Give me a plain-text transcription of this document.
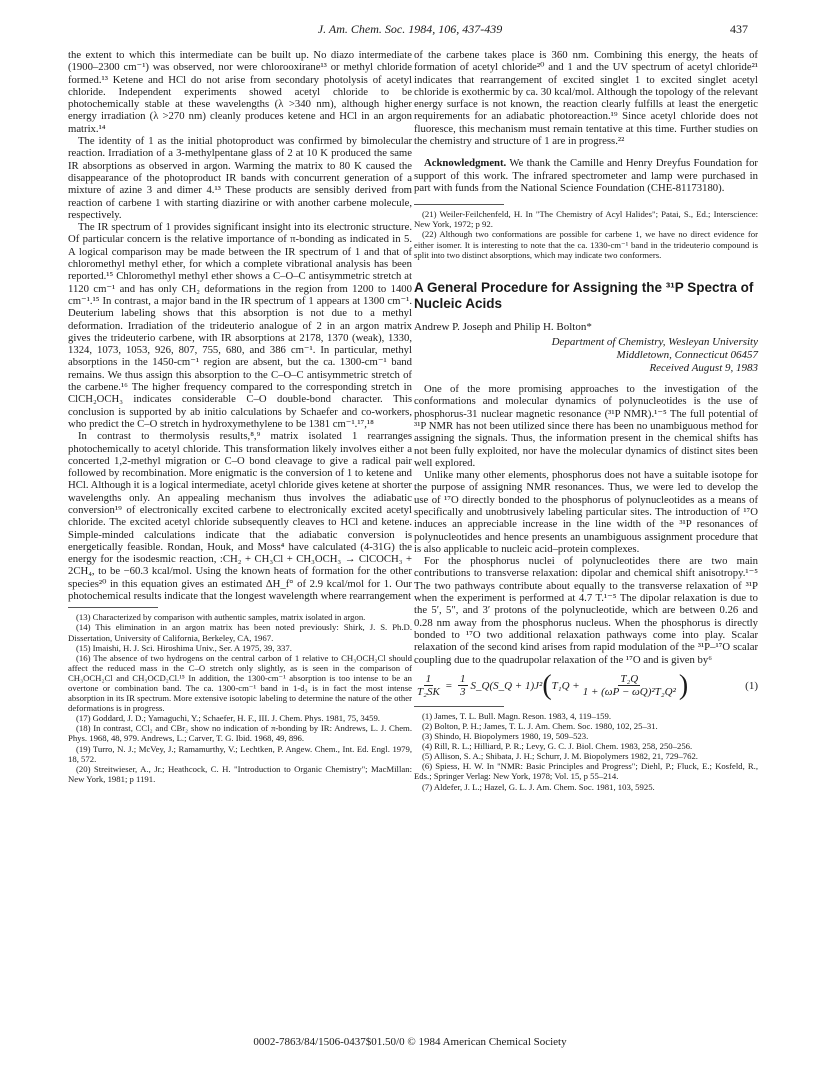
J. Am. Chem. Soc. 1984, 106, 437-439	437

the extent to which this intermediate can be built up. No diazo intermediate (1900–2300 cm⁻¹) was observed, nor were chlorooxirane¹³ or methyl chloride formed.¹³ Ketene and HCl do not arise from secondary photolysis of acetyl chloride. Independent experiments showed acetyl chloride to be photochemically stable at these wavelengths (λ >340 nm), although higher energy irradiation (λ >270 nm) cleanly produces ketene and HCl in an argon matrix.¹⁴

The identity of 1 as the initial photoproduct was confirmed by bimolecular reaction. Irradiation of a 3-methylpentane glass of 2 at 10 K produced the same IR absorptions as observed in argon. Warming the matrix to 80 K caused the disappearance of the photoproduct IR bands with concurrent generation of a mixture of azine 3 and dimer 4.¹³ These products are sensibly derived from reaction of carbene 1 with starting diazirine or with another carbene molecule, respectively.

The IR spectrum of 1 provides significant insight into its electronic structure. Of particular concern is the relative importance of π-bonding as indicated in 5. A logical comparison may be made between the IR spectrum of 1 and that of chloromethyl methyl ether, for which a complete vibrational analysis has been reported.¹⁵ Chloromethyl methyl ether shows a C–O–C antisymmetric stretch at 1120 cm⁻¹ and has only CH₂ deformations in the region from 1200 to 1400 cm⁻¹.¹⁵ In contrast, a major band in the IR spectrum of 1 appears at 1300 cm⁻¹. Deuterium labeling shows that this absorption is not due to a methyl deformation. Irradiation of the trideuterio analogue of 2 in an argon matrix gives the trideuterio carbene, with IR absorptions at 2178, 1370 (weak), 1330, 1324, 1073, 1053, 926, 807, 755, 680, and 386 cm⁻¹. In particular, methyl absorptions in the 1450-cm⁻¹ region are absent, but the ca. 1300-cm⁻¹ band remains. We thus assign this absorption to the C–O–C antisymmetric stretch of the carbene.¹⁶ The higher frequency compared to the corresponding stretch in ClCH₂OCH₃ indicates considerable C–O double-bond character. This conclusion is supported by ab initio calculations by Schaefer and co-workers, who predict the C–O stretch in hydroxymethylene to be 1381 cm⁻¹.¹⁷,¹⁸

In contrast to thermolysis results,⁸,⁹ matrix isolated 1 rearranges photochemically to acetyl chloride. This transformation likely involves either a concerted 1,2-methyl migration or C–O bond cleavage to give a radical pair followed by recombination. More enigmatic is the conversion of 1 to ketene and HCl. Although it is a logical intermediate, acetyl chloride gives ketene at shorter wavelengths only. An appealing mechanism thus involves the adiabatic conversion¹⁹ of electronically excited carbene to electronically excited acetyl chloride. The excited acetyl chloride subsequently cleaves to HCl and ketene. Simple-minded calculations indicate that the adiabatic conversion is energetically feasible. Rondan, Houk, and Moss⁴ have calculated (4-31G) the energy for the isodesmic reaction, :CH₂ + CH₃Cl + CH₃OCH₃ → ClCOCH₃ + 2CH₄, to be −60.3 kcal/mol. Using the known heats of formation for the other species²⁰ in this equation gives an estimated ΔH_f° of 2.9 kcal/mol for 1. Our photochemical results indicate that the longest wavelength where rearrangement

(13) Characterized by comparison with authentic samples, matrix isolated in argon.
(14) This elimination in an argon matrix has been noted previously: Shirk, J. S. Ph.D. Dissertation, University of California, Berkeley, CA, 1967.
(15) Imaishi, H. J. Sci. Hiroshima Univ., Ser. A 1975, 39, 337.
(16) The absence of two hydrogens on the central carbon of 1 relative to CH₃OCH₂Cl should affect the reduced mass in the C–O stretch only slightly, as is seen in the comparison of CH₃OCH₂Cl and CH₃OCD₂Cl.¹⁵ In addition, the 1300-cm⁻¹ absorption is too intense to be an overtone or combination band. The ca. 1300-cm⁻¹ band in 1-d₃ is in fact the most intense absorption in its IR spectrum. More extensive isotopic labeling to determine the nature of the other deformations is in progress.
(17) Goddard, J. D.; Yamaguchi, Y.; Schaefer, H. F., III. J. Chem. Phys. 1981, 75, 3459.
(18) In contrast, CCl₂ and CBr₂ show no indication of π-bonding by IR: Andrews, L. J. Chem. Phys. 1968, 48, 979. Andrews, L.; Carver, T. G. Ibid. 1968, 49, 896.
(19) Turro, N. J.; McVey, J.; Ramamurthy, V.; Lechtken, P. Angew. Chem., Int. Ed. Engl. 1979, 18, 572.
(20) Streitwieser, A., Jr.; Heathcock, C. H. "Introduction to Organic Chemistry"; MacMillan: New York, 1981; p 1191.

of the carbene takes place is 360 nm. Combining this energy, the heats of formation of acetyl chloride²⁰ and 1 and the UV spectrum of acetyl chloride²¹ indicates that rearrangement of excited singlet 1 to excited singlet acetyl chloride is exothermic by ca. 30 kcal/mol. Although the topology of the relevant energy surface is not known, the reaction clearly fulfills at least the energetic requirements for an adiabatic photoreaction.¹⁹ Since acetyl chloride does not fluoresce, this mechanism must remain tentative at this time. Further studies on the chemistry and structure of 1 are in progress.²²

Acknowledgment. We thank the Camille and Henry Dreyfus Foundation for support of this work. The infrared spectrometer and lamp were purchased in part with funds from the National Science Foundation (CHE-81173180).

(21) Weiler-Feilchenfeld, H. In "The Chemistry of Acyl Halides"; Patai, S., Ed.; Interscience: New York, 1972; p 92.
(22) Although two conformations are possible for carbene 1, we have no direct evidence for either isomer. It is interesting to note that the ca. 1330-cm⁻¹ band in the trideuterio compound is split into two distinct absorptions, which may indicate two conformers.
A General Procedure for Assigning the ³¹P Spectra of Nucleic Acids
Andrew P. Joseph and Philip H. Bolton*
Department of Chemistry, Wesleyan University
Middletown, Connecticut 06457
Received August 9, 1983

One of the more promising approaches to the investigation of the conformations and molecular dynamics of polynucleotides is the use of phosphorus-31 nuclear magnetic resonance (³¹P NMR).¹⁻⁵ The full potential of ³¹P NMR has not been utilized since there has been no unambiguous method for assigning the signals. Thus, the information present in the chemical shifts has not been fully exploited, nor have the molecular dynamics of distinct sites been well explored.

Unlike many other elements, phosphorus does not have a suitable isotope for the purpose of assigning NMR resonances. Thus, we were led to develop the use of ¹⁷O directly bonded to the phosphorus of polynucleotides as a means of specifically and unobtrusively labeling particular sites. The introduction of ¹⁷O induces an appreciable increase in the line width of the ³¹P resonances of polynucleotides and hence presents an unambiguous assignment procedure that is also applicable to nucleic acid–protein complexes.

For the phosphorus nuclei of polynucleotides there are two main contributions to transverse relaxation: dipolar and chemical shift anisotropy.¹⁻⁵ The two pathways contribute about equally to the transverse relaxation of ³¹P when the experiment is performed at 4.7 T.¹⁻⁵ The dipolar relaxation is due to the 5′, 5″, and 3′ protons of the polynucleotide, which are between 0.26 and 0.28 nm away from the phosphorus nucleus. When the phosphorus is directly bonded to ¹⁷O two additional relaxation pathways come into play. Scalar relaxation of the second kind arises from rapid modulation of the ³¹P–¹⁷O scalar coupling due to the quadrupolar relaxation of the ¹⁷O and is given by⁶

$\frac{1}{\text{T₂SK}} = \frac{1}{3}$ S_Q(S_Q + 1)J² ( $T_1Q + \frac{\text{T₂Q}}{\text{1 + (ωP − ωQ)²T₂Q²}}$ )	(1)
(1) James, T. L. Bull. Magn. Reson. 1983, 4, 119–159.
(2) Bolton, P. H.; James, T. L. J. Am. Chem. Soc. 1980, 102, 25–31.
(3) Shindo, H. Biopolymers 1980, 19, 509–523.
(4) Rill, R. L.; Hilliard, P. R.; Levy, G. C. J. Biol. Chem. 1983, 258, 250–256.
(5) Allison, S. A.; Shibata, J. H.; Schurr, J. M. Biopolymers 1982, 21, 729–762.
(6) Spiess, H. W. In "NMR: Basic Principles and Progress"; Diehl, P.; Fluck, E.; Kosfeld, R., Eds.; Springer Verlag: New York, 1978; Vol. 15, p 55–214.
(7) Aldefer, J. L.; Hazel, G. L. J. Am. Chem. Soc. 1981, 103, 5925.
0002-7863/84/1506-0437$01.50/0 © 1984 American Chemical Society
